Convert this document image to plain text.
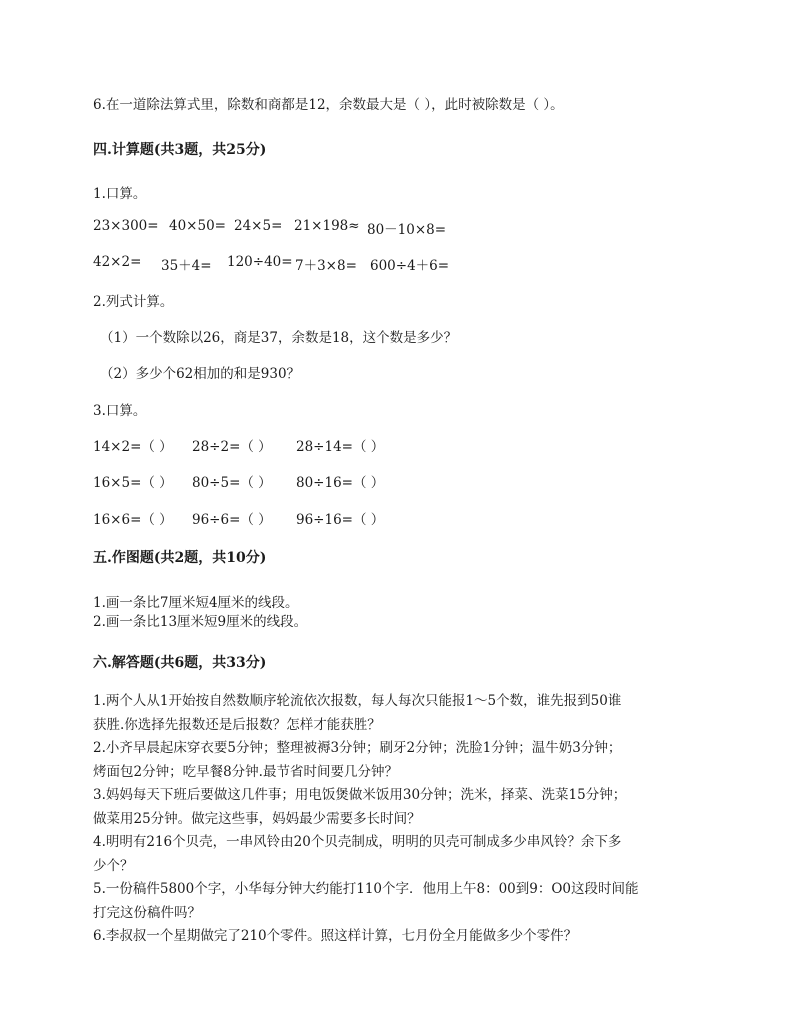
6.在一道除法算式里，除数和商都是12，余数最大是（ ），此时被除数是（ ）。
四.计算题(共3题，共25分)
1.口算。
23×300= 40×50= 24×5= 21×198≈ 80－10×8=
42×2= 35＋4= 120÷40= 7＋3×8= 600÷4＋6=
2.列式计算。
（1）一个数除以26，商是37，余数是18，这个数是多少？
（2）多少个62相加的和是930？
3.口算。
14×2=（ ） 28÷2=（ ） 28÷14=（ ）
16×5=（ ） 80÷5=（ ） 80÷16=（ ）
16×6=（ ） 96÷6=（ ） 96÷16=（ ）
五.作图题(共2题，共10分)
1.画一条比7厘米短4厘米的线段。
2.画一条比13厘米短9厘米的线段。
六.解答题(共6题，共33分)
1.两个人从1开始按自然数顺序轮流依次报数，每人每次只能报1～5个数，谁先报到50谁
获胜.你选择先报数还是后报数？怎样才能获胜？
2.小齐早晨起床穿衣要5分钟；整理被褥3分钟；刷牙2分钟；洗脸1分钟；温牛奶3分钟；
烤面包2分钟；吃早餐8分钟.最节省时间要几分钟？
3.妈妈每天下班后要做这几件事；用电饭煲做米饭用30分钟；洗米，择菜、洗菜15分钟；
做菜用25分钟。做完这些事，妈妈最少需要多长时间？
4.明明有216个贝壳，一串风铃由20个贝壳制成，明明的贝壳可制成多少串风铃？余下多
少个？
5.一份稿件5800个字，小华每分钟大约能打110个字．他用上午8：00到9：O0这段时间能
打完这份稿件吗？
6.李叔叔一个星期做完了210个零件。照这样计算，七月份全月能做多少个零件？
